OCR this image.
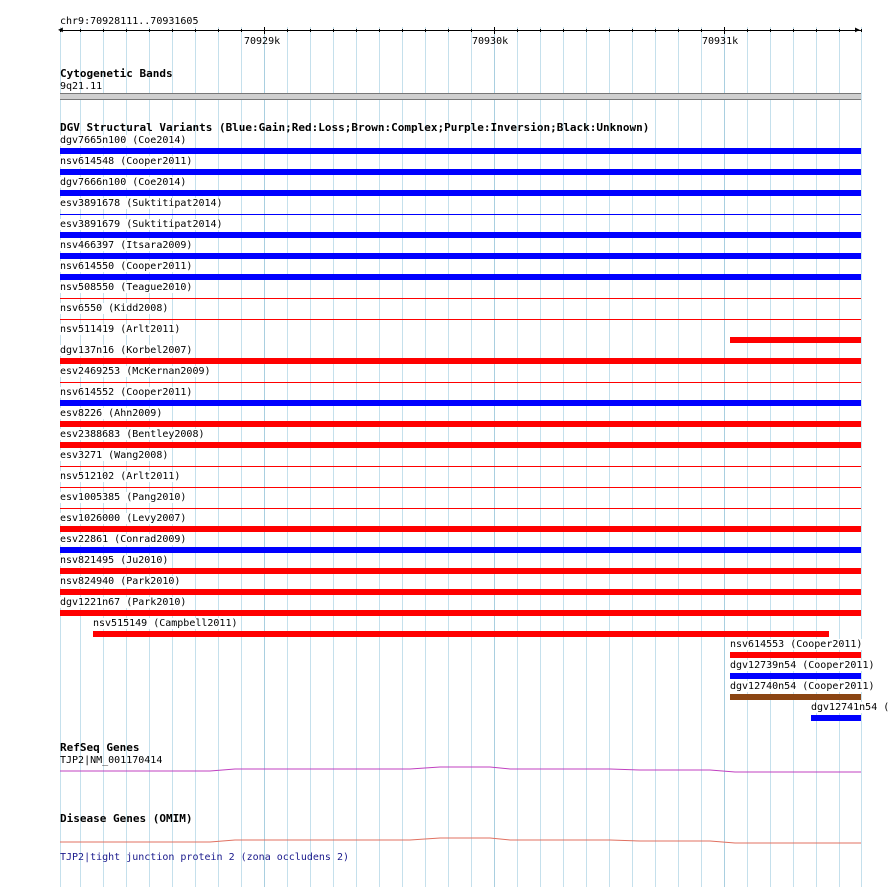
chr9:70928111..70931605
◀	▶
70929k	70930k	70931k
Cytogenetic Bands
9q21.11
DGV Structural Variants (Blue:Gain;Red:Loss;Brown:Complex;Purple:Inversion;Black:Unknown)
dgv7665n100 (Coe2014)
nsv614548 (Cooper2011)
dgv7666n100 (Coe2014)
esv3891678 (Suktitipat2014)
esv3891679 (Suktitipat2014)
nsv466397 (Itsara2009)
nsv614550 (Cooper2011)
nsv508550 (Teague2010)
nsv6550 (Kidd2008)
nsv511419 (Arlt2011)
dgv137n16 (Korbel2007)
esv2469253 (McKernan2009)
nsv614552 (Cooper2011)
esv8226 (Ahn2009)
esv2388683 (Bentley2008)
esv3271 (Wang2008)
nsv512102 (Arlt2011)
esv1005385 (Pang2010)
esv1026000 (Levy2007)
esv22861 (Conrad2009)
nsv821495 (Ju2010)
nsv824940 (Park2010)
dgv1221n67 (Park2010)
nsv515149 (Campbell2011)
nsv614553 (Cooper2011)
dgv12739n54 (Cooper2011)
dgv12740n54 (Cooper2011)
dgv12741n54 (
RefSeq Genes
TJP2|NM_001170414
Disease Genes (OMIM)
TJP2|tight junction protein 2 (zona occludens 2)
